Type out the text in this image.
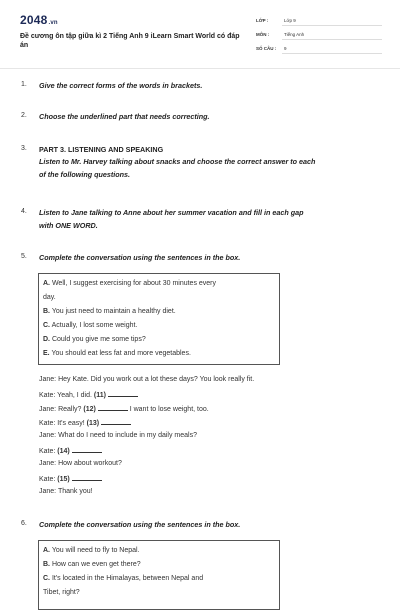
2048.vn
Đề cương ôn tập giữa kì 2 Tiếng Anh 9 iLearn Smart World có đáp án
LỚP :	Lớp 9
MÔN :	Tiếng Anh
SỐ CÂU : 9
1. Give the correct forms of the words in brackets.
2. Choose the underlined part that needs correcting.
3. PART 3. LISTENING AND SPEAKING
Listen to Mr. Harvey talking about snacks and choose the correct answer to each
of the following questions.
4. Listen to Jane talking to Anne about her summer vacation and fill in each gap
with ONE WORD.
5. Complete the conversation using the sentences in the box.
A. Well, I suggest exercising for about 30 minutes every
day.
B. You just need to maintain a healthy diet.
C. Actually, I lost some weight.
D. Could you give me some tips?
E. You should eat less fat and more vegetables.
Jane: Hey Kate. Did you work out a lot these days? You look really fit.
Kate: Yeah, I did. (11)
Jane: Really? (12)	I want to lose weight, too.
Kate: It's easy! (13)
Jane: What do I need to include in my daily meals?
Kate: (14)
Jane: How about workout?
Kate: (15)
Jane: Thank you!
6. Complete the conversation using the sentences in the box.
A. You will need to fly to Nepal.
B. How can we even get there?
C. It's located in the Himalayas, between Nepal and
Tibet, right?
